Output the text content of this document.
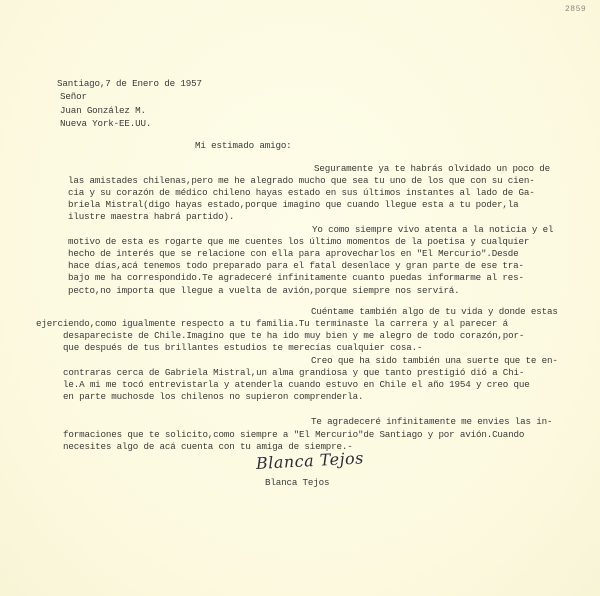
2859
Santiago,7 de Enero de 1957
Señor
Juan González M.
Nueva York-EE.UU.
Mi estimado amigo:
Seguramente ya te habrás olvidado un poco de
las amistades chilenas,pero me he alegrado mucho que sea tu uno de los que con su cien-
cia y su corazón de médico chileno hayas estado en sus últimos instantes al lado de Ga-
briela Mistral(digo hayas estado,porque imagino que cuando llegue esta a tu poder,la
ilustre maestra habrá partido).
Yo como siempre vivo atenta a la noticia y el
motivo de esta es rogarte que me cuentes los último momentos de la poetisa y cualquier
hecho de interés que se relacione con ella para aprovecharlos en "El Mercurio".Desde
hace días,acá tenemos todo preparado para el fatal desenlace y gran parte de ese tra-
bajo me ha correspondido.Te agradeceré infinitamente cuanto puedas informarme al res-
pecto,no importa que llegue a vuelta de avión,porque siempre nos servirá.
Cuéntame también algo de tu vida y donde estas
ejerciendo,como igualmente respecto a tu familia.Tu terminaste la carrera y al parecer á
desapareciste de Chile.Imagino que te ha ido muy bien y me alegro de todo corazón,por-
que después de tus brillantes estudios te merecías cualquier cosa.-
Creo que ha sido también una suerte que te en-
contraras cerca de Gabriela Mistral,un alma grandiosa y que tanto prestigió dió a Chi-
le.A mi me tocó entrevistarla y atenderla cuando estuvo en Chile el año 1954 y creo que
en parte muchosde los chilenos no supieron comprenderla.
Te agradeceré infinitamente me envies las in-
formaciones que te solicito,como siempre a "El Mercurio"de Santiago y por avión.Cuando
necesites algo de acá cuenta con tu amiga de siempre.-
Blanca Tejos
Blanca Tejos
